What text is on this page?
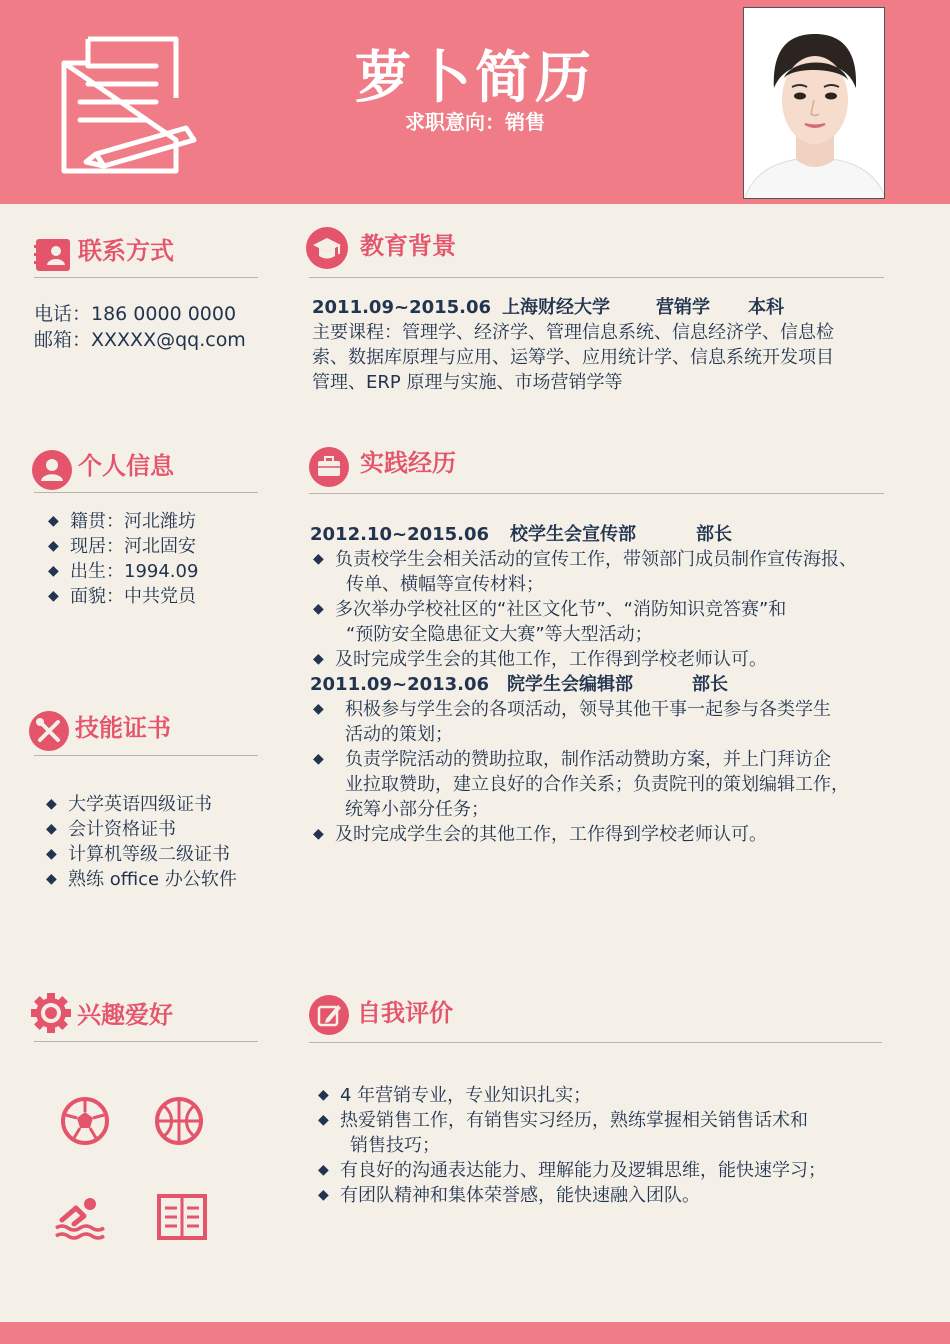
萝卜简历
求职意向：销售
联系方式
电话：186 0000 0000
邮箱：XXXXX@qq.com
个人信息
◆ 籍贯：河北潍坊
◆ 现居：河北固安
◆ 出生：1994.09
◆ 面貌：中共党员
技能证书
◆ 大学英语四级证书
◆ 会计资格证书
◆ 计算机等级二级证书
◆ 熟练 office 办公软件
兴趣爱好
教育背景
2011.09~2015.06 上海财经大学	营销学	本科
主要课程：管理学、经济学、管理信息系统、信息经济学、信息检
索、数据库原理与应用、运筹学、应用统计学、信息系统开发项目
管理、ERP 原理与实施、市场营销学等
实践经历
2012.10~2015.06	校学生会宣传部	部长
◆ 负责校学生会相关活动的宣传工作，带领部门成员制作宣传海报、
传单、横幅等宣传材料；
◆ 多次举办学校社区的“社区文化节”、“消防知识竞答赛”和
“预防安全隐患征文大赛”等大型活动；
◆ 及时完成学生会的其他工作，工作得到学校老师认可。
2011.09~2013.06 院学生会编辑部	部长
◆	积极参与学生会的各项活动，领导其他干事一起参与各类学生
活动的策划；
◆	负责学院活动的赞助拉取，制作活动赞助方案，并上门拜访企
业拉取赞助，建立良好的合作关系；负责院刊的策划编辑工作，
统筹小部分任务；
◆ 及时完成学生会的其他工作，工作得到学校老师认可。
自我评价
◆ 4 年营销专业，专业知识扎实；
◆ 热爱销售工作，有销售实习经历，熟练掌握相关销售话术和
销售技巧；
◆ 有良好的沟通表达能力、理解能力及逻辑思维，能快速学习；
◆ 有团队精神和集体荣誉感，能快速融入团队。
